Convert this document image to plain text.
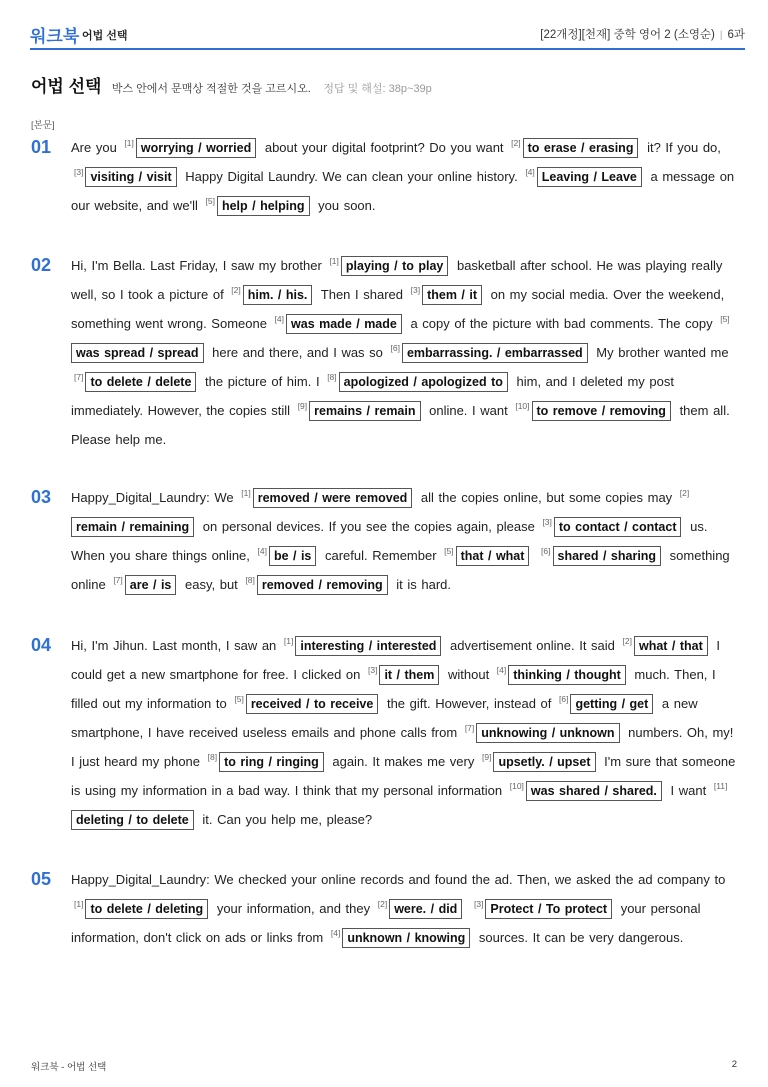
워크북 어법 선택	[22개정][천재] 중학 영어 2 (소영순) | 6과
어법 선택 박스 안에서 문맥상 적절한 것을 고르시오. 정답 및 해설: 38p~39p
[본문]
01	Are you [1] worrying / worried about your digital footprint? Do you want [2] to erase / erasing it? If you do, [3] visiting / visit Happy Digital Laundry. We can clean your online history. [4] Leaving / Leave a message on our website, and we'll [5] help / helping you soon.

02	Hi, I'm Bella. Last Friday, I saw my brother [1] playing / to play basketball after school. He was playing really well, so I took a picture of [2] him. / his. Then I shared [3] them / it on my social media. Over the weekend, something went wrong. Someone [4] was made / made a copy of the picture with bad comments. The copy [5]was spread / spread here and there, and I was so [6] embarrassing. / embarrassed My brother wanted me [7] to delete / delete the picture of him. I [8] apologized / apologized to him, and I deleted my post immediately. However, the copies still [9] remains / remain online. I want [10] to remove / removing them all. Please help me.

03	Happy_Digital_Laundry: We [1] removed / were removed all the copies online, but some copies may [2]remain / remaining on personal devices. If you see the copies again, please [3] to contact / contact us. When you share things online, [4] be / is careful. Remember [5] that / what [6] shared / sharing something online [7] are / is easy, but [8] removed / removing it is hard.

04	Hi, I'm Jihun. Last month, I saw an [1] interesting / interested advertisement online. It said [2] what / that I could get a new smartphone for free. I clicked on [3] it / them without [4] thinking / thought much. Then, I filled out my information to [5] received / to receive the gift. However, instead of [6] getting / get a new smartphone, I have received useless emails and phone calls from [7] unknowing / unknown numbers. Oh, my! I just heard my phone [8] to ring / ringing again. It makes me very [9] upsetly. / upset I'm sure that someone is using my information in a bad way. I think that my personal information [10] was shared / shared. I want [11]deleting / to delete it. Can you help me, please?

05	Happy_Digital_Laundry: We checked your online records and found the ad. Then, we asked the ad company to [1] to delete / deleting your information, and they [2] were. / did [3] Protect / To protect your personal information, don't click on ads or links from [4] unknown / knowing sources. It can be very dangerous.

워크북 - 어법 선택	2
